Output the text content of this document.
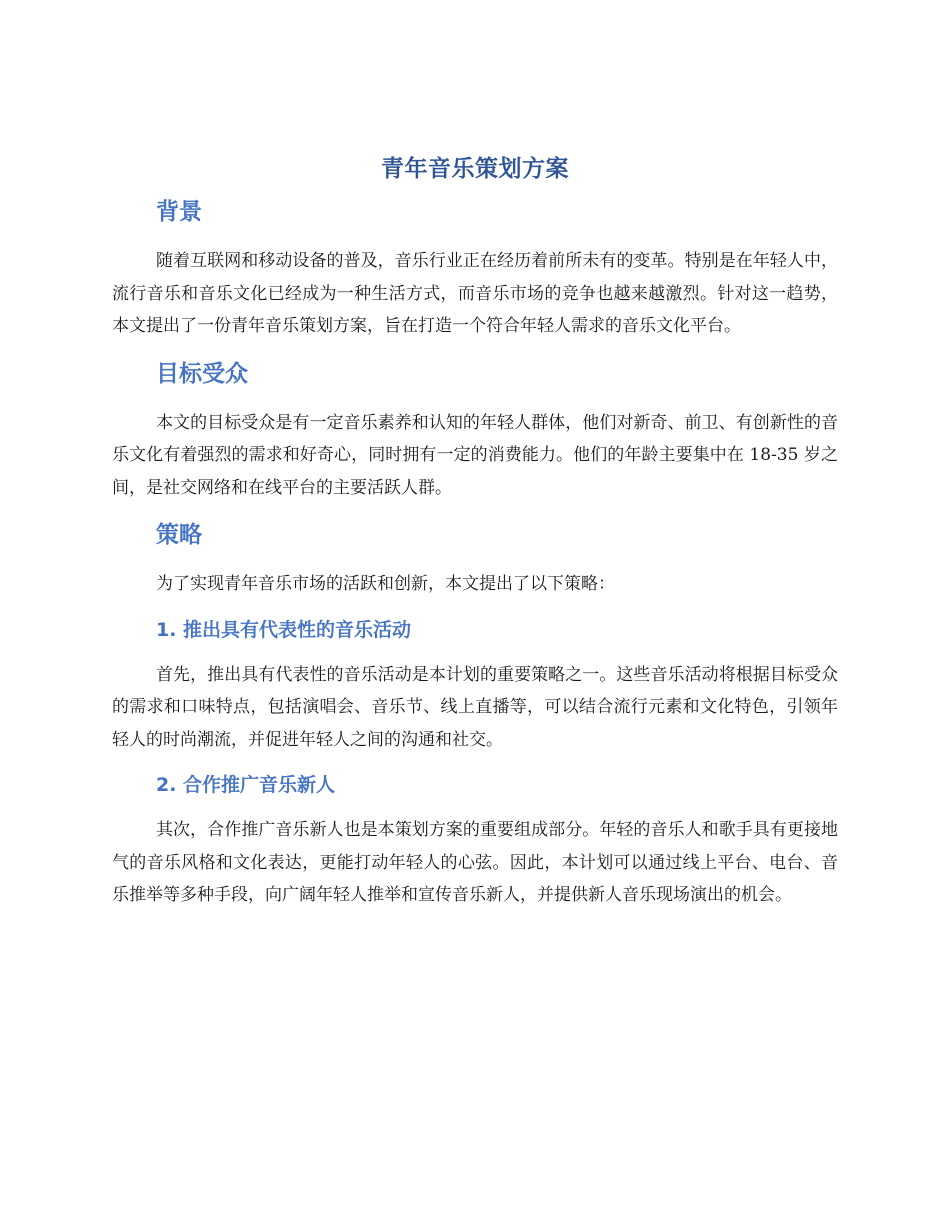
青年音乐策划方案
背景

随着互联网和移动设备的普及，音乐行业正在经历着前所未有的变革。特别是在年轻人中，流行音乐和音乐文化已经成为一种生活方式，而音乐市场的竞争也越来越激烈。针对这一趋势，本文提出了一份青年音乐策划方案，旨在打造一个符合年轻人需求的音乐文化平台。

目标受众

本文的目标受众是有一定音乐素养和认知的年轻人群体，他们对新奇、前卫、有创新性的音乐文化有着强烈的需求和好奇心，同时拥有一定的消费能力。他们的年龄主要集中在 18-35 岁之间，是社交网络和在线平台的主要活跃人群。

策略

为了实现青年音乐市场的活跃和创新，本文提出了以下策略：

1. 推出具有代表性的音乐活动

首先，推出具有代表性的音乐活动是本计划的重要策略之一。这些音乐活动将根据目标受众的需求和口味特点，包括演唱会、音乐节、线上直播等，可以结合流行元素和文化特色，引领年轻人的时尚潮流，并促进年轻人之间的沟通和社交。

2. 合作推广音乐新人

其次，合作推广音乐新人也是本策划方案的重要组成部分。年轻的音乐人和歌手具有更接地气的音乐风格和文化表达，更能打动年轻人的心弦。因此，本计划可以通过线上平台、电台、音乐推举等多种手段，向广阔年轻人推举和宣传音乐新人，并提供新人音乐现场演出的机会。
